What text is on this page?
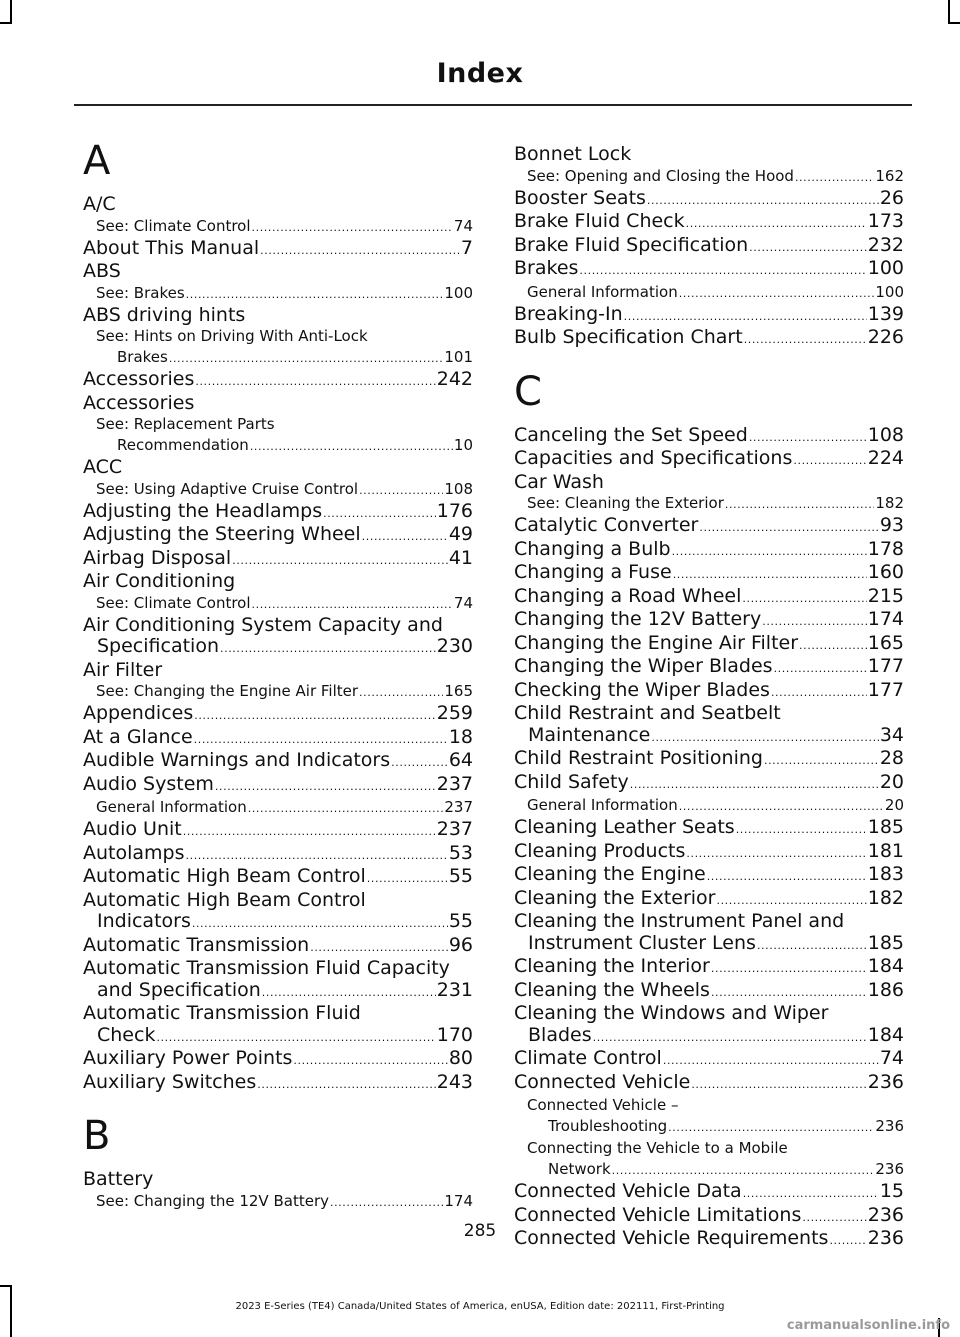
Index
A
A/C
See: Climate Control .....	74
About This Manual .....	7
ABS
See: Brakes .....	100
ABS driving hints
See: Hints on Driving With Anti-Lock
Brakes .....	101
Accessories .....	242
Accessories
See: Replacement Parts
Recommendation .....	10
ACC
See: Using Adaptive Cruise Control .....	108
Adjusting the Headlamps .....	176
Adjusting the Steering Wheel .....	49
Airbag Disposal .....	41
Air Conditioning
See: Climate Control .....	74
Air Conditioning System Capacity and
Specification .....	230
Air Filter
See: Changing the Engine Air Filter .....	165
Appendices .....	259
At a Glance .....	18
Audible Warnings and Indicators .....	64
Audio System .....	237
General Information .....	237
Audio Unit .....	237
Autolamps .....	53
Automatic High Beam Control .....	55
Automatic High Beam Control
Indicators .....	55
Automatic Transmission .....	96
Automatic Transmission Fluid Capacity
and Specification .....	231
Automatic Transmission Fluid
Check .....	170
Auxiliary Power Points .....	80
Auxiliary Switches .....	243
B
Battery
See: Changing the 12V Battery .....	174
Bonnet Lock
See: Opening and Closing the Hood .....	162
Booster Seats .....	26
Brake Fluid Check .....	173
Brake Fluid Specification .....	232
Brakes .....	100
General Information .....	100
Breaking-In .....	139
Bulb Specification Chart .....	226
C
Canceling the Set Speed .....	108
Capacities and Specifications .....	224
Car Wash
See: Cleaning the Exterior .....	182
Catalytic Converter .....	93
Changing a Bulb .....	178
Changing a Fuse .....	160
Changing a Road Wheel .....	215
Changing the 12V Battery .....	174
Changing the Engine Air Filter .....	165
Changing the Wiper Blades .....	177
Checking the Wiper Blades .....	177
Child Restraint and Seatbelt
Maintenance .....	34
Child Restraint Positioning .....	28
Child Safety .....	20
General Information .....	20
Cleaning Leather Seats .....	185
Cleaning Products .....	181
Cleaning the Engine .....	183
Cleaning the Exterior .....	182
Cleaning the Instrument Panel and
Instrument Cluster Lens .....	185
Cleaning the Interior .....	184
Cleaning the Wheels .....	186
Cleaning the Windows and Wiper
Blades .....	184
Climate Control .....	74
Connected Vehicle .....	236
Connected Vehicle –
Troubleshooting .....	236
Connecting the Vehicle to a Mobile
Network .....	236
Connected Vehicle Data .....	15
Connected Vehicle Limitations .....	236
Connected Vehicle Requirements ..... 236
285
2023 E-Series (TE4) Canada/United States of America, enUSA, Edition date: 202111, First-Printing
carmanualsonline.info
